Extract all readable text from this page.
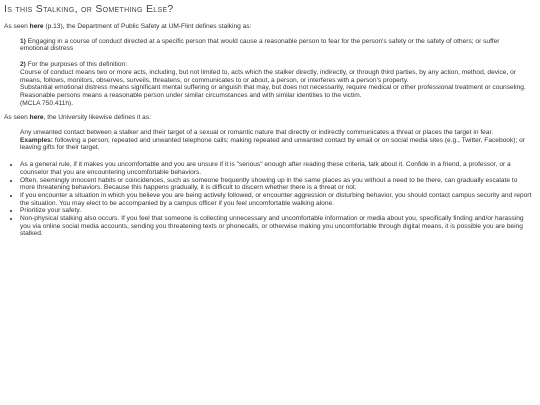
Is this Stalking, or Something Else?

As seen here (p.13), the Department of Public Safety at UM-Flint defines stalking as:

1) Engaging in a course of conduct directed at a specific person that would cause a reasonable person to fear for the person's safety or the safety of others; or suffer emotional distress

2) For the purposes of this definition:

Course of conduct means two or more acts, including, but not limited to, acts which the stalker directly, indirectly, or through third parties, by any action, method, device, or means, follows, monitors, observes, surveils, threatens, or communicates to or about, a person, or interferes with a person's property.

Substantial emotional distress means significant mental suffering or anguish that may, but does not necessarily, require medical or other professional treatment or counseling.

Reasonable persons means a reasonable person under similar circumstances and with similar identities to the victim.

(MCLA 750.411h).

As seen here, the University likewise defines it as:

Any unwanted contact between a stalker and their target of a sexual or romantic nature that directly or indirectly communicates a threat or places the target in fear.

Examples: following a person; repeated and unwanted telephone calls; making repeated and unwanted contact by email or on social media sites (e.g., Twitter, Facebook); or leaving gifts for their target.

• As a general rule, if it makes you uncomfortable and you are unsure if it is "serious" enough after reading these criteria, talk about it. Confide in a friend, a professor, or a counselor that you are encountering uncomfortable behaviors.
• Often, seemingly innocent habits or coincidences, such as someone frequently showing up in the same places as you without a need to be there, can gradually escalate to more threatening behaviors. Because this happens gradually, it is difficult to discern whether there is a threat or not.
• If you encounter a situation in which you believe you are being actively followed, or encounter aggression or disturbing behavior, you should contact campus security and report the situation. You may elect to be accompanied by a campus officer if you feel uncomfortable walking alone.
• Prioritize your safety.
• Non-physical stalking also occurs. If you feel that someone is collecting unnecessary and uncomfortable information or media about you, specifically finding and/or harassing you via online social media accounts, sending you threatening texts or phonecalls, or otherwise making you uncomfortable through digital means, it is possible you are being stalked.
